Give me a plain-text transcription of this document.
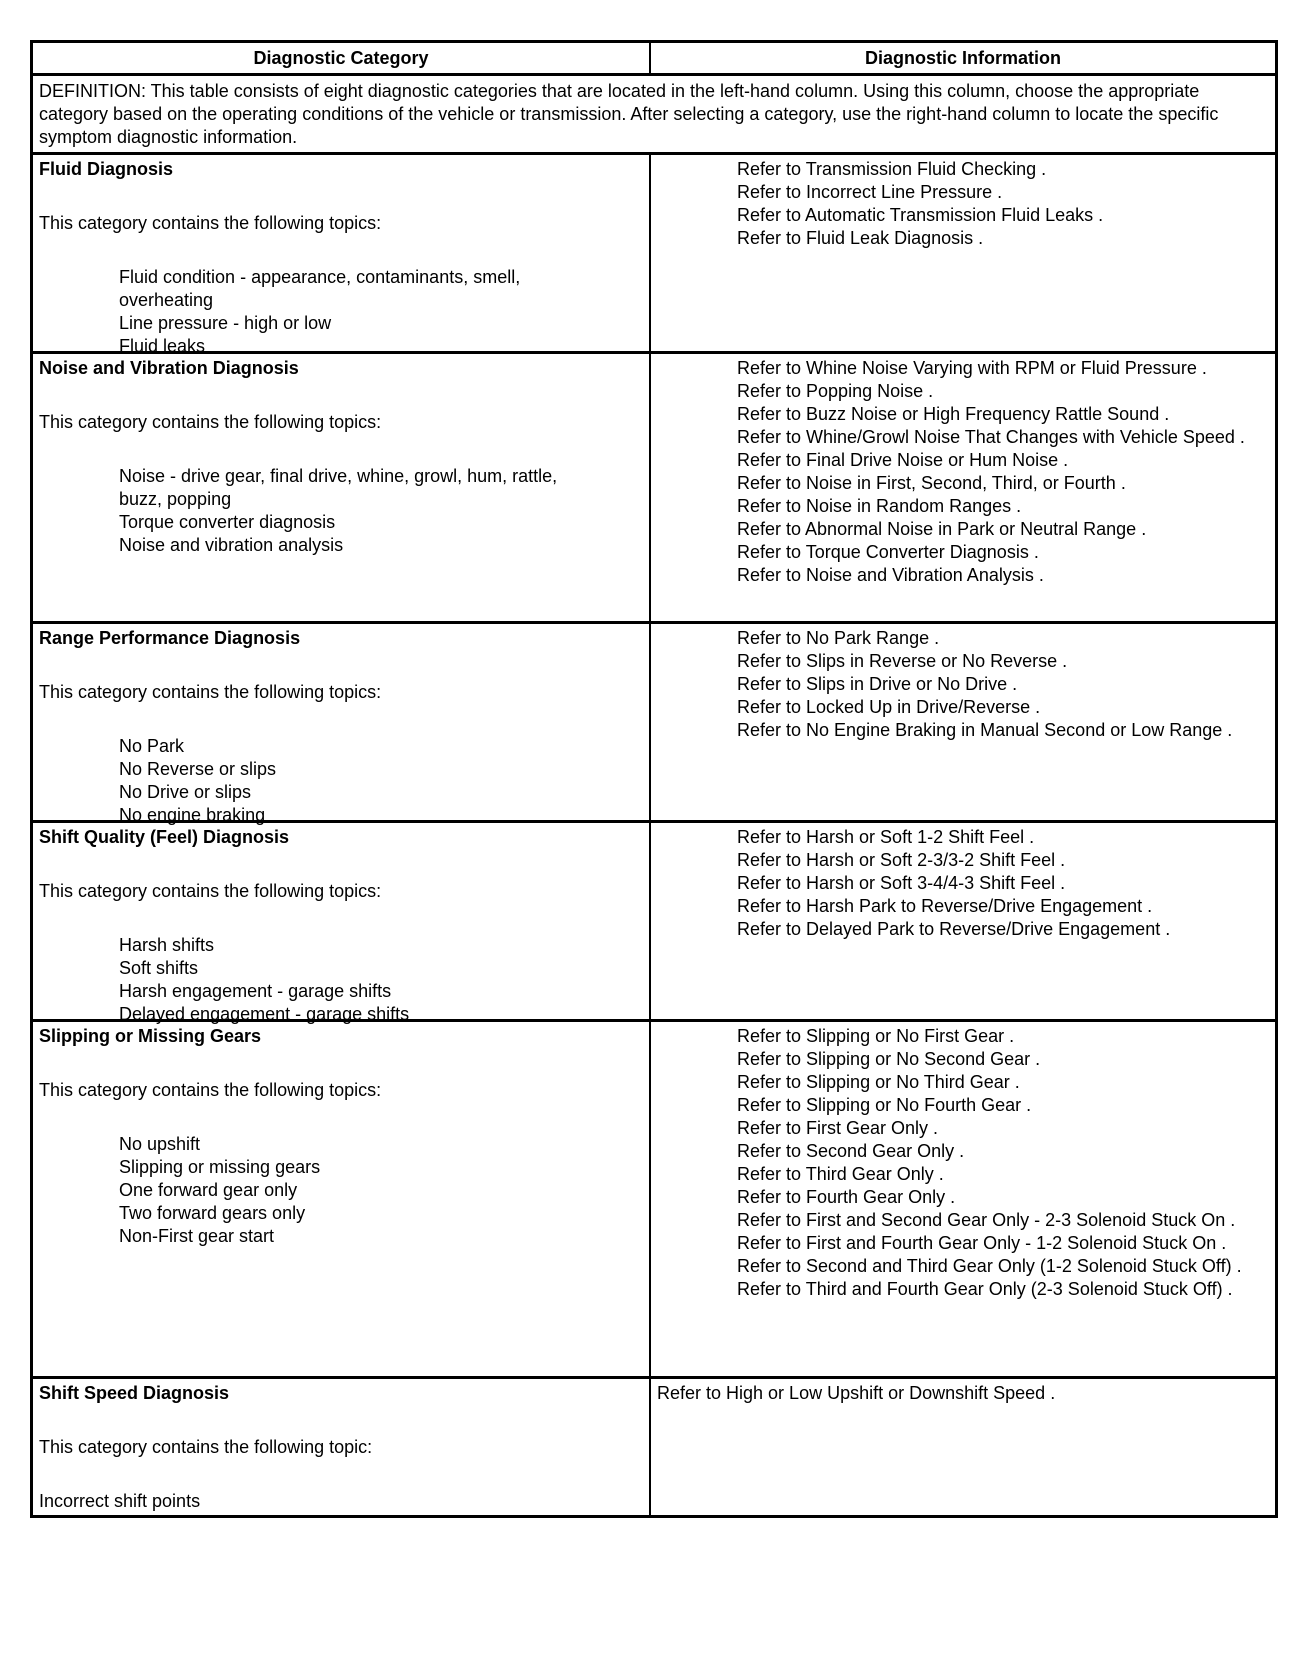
Diagnostic Category	Diagnostic Information
DEFINITION: This table consists of eight diagnostic categories that are located in the left-hand column. Using this column, choose the appropriate category based on the operating conditions of the vehicle or transmission. After selecting a category, use the right-hand column to locate the specific symptom diagnostic information.
Fluid Diagnosis
This category contains the following topics:
Fluid condition - appearance, contaminants, smell, overheating
Line pressure - high or low
Fluid leaks
Refer to Transmission Fluid Checking .
Refer to Incorrect Line Pressure .
Refer to Automatic Transmission Fluid Leaks .
Refer to Fluid Leak Diagnosis .
Noise and Vibration Diagnosis
This category contains the following topics:
Noise - drive gear, final drive, whine, growl, hum, rattle, buzz, popping
Torque converter diagnosis
Noise and vibration analysis
Refer to Whine Noise Varying with RPM or Fluid Pressure .
Refer to Popping Noise .
Refer to Buzz Noise or High Frequency Rattle Sound .
Refer to Whine/Growl Noise That Changes with Vehicle Speed .
Refer to Final Drive Noise or Hum Noise .
Refer to Noise in First, Second, Third, or Fourth .
Refer to Noise in Random Ranges .
Refer to Abnormal Noise in Park or Neutral Range .
Refer to Torque Converter Diagnosis .
Refer to Noise and Vibration Analysis .
Range Performance Diagnosis
This category contains the following topics:
No Park
No Reverse or slips
No Drive or slips
No engine braking
Refer to No Park Range .
Refer to Slips in Reverse or No Reverse .
Refer to Slips in Drive or No Drive .
Refer to Locked Up in Drive/Reverse .
Refer to No Engine Braking in Manual Second or Low Range .
Shift Quality (Feel) Diagnosis
This category contains the following topics:
Harsh shifts
Soft shifts
Harsh engagement - garage shifts
Delayed engagement - garage shifts
Refer to Harsh or Soft 1-2 Shift Feel .
Refer to Harsh or Soft 2-3/3-2 Shift Feel .
Refer to Harsh or Soft 3-4/4-3 Shift Feel .
Refer to Harsh Park to Reverse/Drive Engagement .
Refer to Delayed Park to Reverse/Drive Engagement .
Slipping or Missing Gears
This category contains the following topics:
No upshift
Slipping or missing gears
One forward gear only
Two forward gears only
Non-First gear start
Refer to Slipping or No First Gear .
Refer to Slipping or No Second Gear .
Refer to Slipping or No Third Gear .
Refer to Slipping or No Fourth Gear .
Refer to First Gear Only .
Refer to Second Gear Only .
Refer to Third Gear Only .
Refer to Fourth Gear Only .
Refer to First and Second Gear Only - 2-3 Solenoid Stuck On .
Refer to First and Fourth Gear Only - 1-2 Solenoid Stuck On .
Refer to Second and Third Gear Only (1-2 Solenoid Stuck Off) .
Refer to Third and Fourth Gear Only (2-3 Solenoid Stuck Off) .
Shift Speed Diagnosis
This category contains the following topic:
Incorrect shift points
Refer to High or Low Upshift or Downshift Speed .
